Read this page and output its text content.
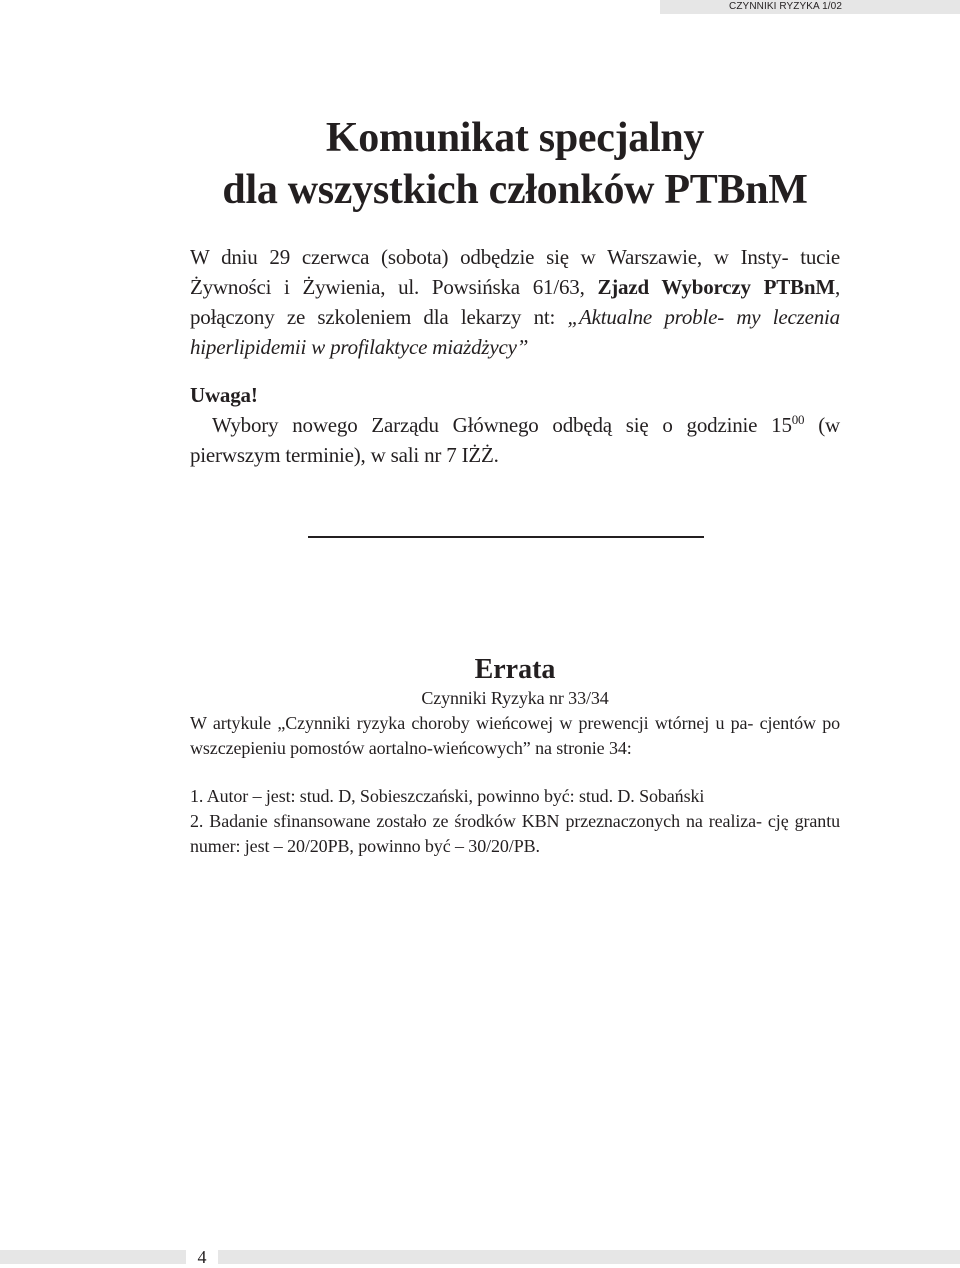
CZYNNIKI RYZYKA 1/02
Komunikat specjalny
dla wszystkich członków PTBnM

W dniu 29 czerwca (sobota) odbędzie się w Warszawie, w Insty- tucie Żywności i Żywienia, ul. Powsińska 61/63, Zjazd Wyborczy PTBnM, połączony ze szkoleniem dla lekarzy nt: „Aktualne proble- my leczenia hiperlipidemii w profilaktyce miażdżycy”

Uwaga!

Wybory nowego Zarządu Głównego odbędą się o godzinie $15^{00}$ (w pierwszym terminie), w sali nr 7 IŻŻ.

Errata

Czynniki Ryzyka nr 33/34

W artykule „Czynniki ryzyka choroby wieńcowej w prewencji wtórnej u pa- cjentów po wszczepieniu pomostów aortalno-wieńcowych” na stronie 34:

1. Autor – jest: stud. D, Sobieszczański, powinno być: stud. D. Sobański

2. Badanie sfinansowane zostało ze środków KBN przeznaczonych na realiza- cję grantu numer: jest – 20/20PB, powinno być – 30/20/PB.

4
